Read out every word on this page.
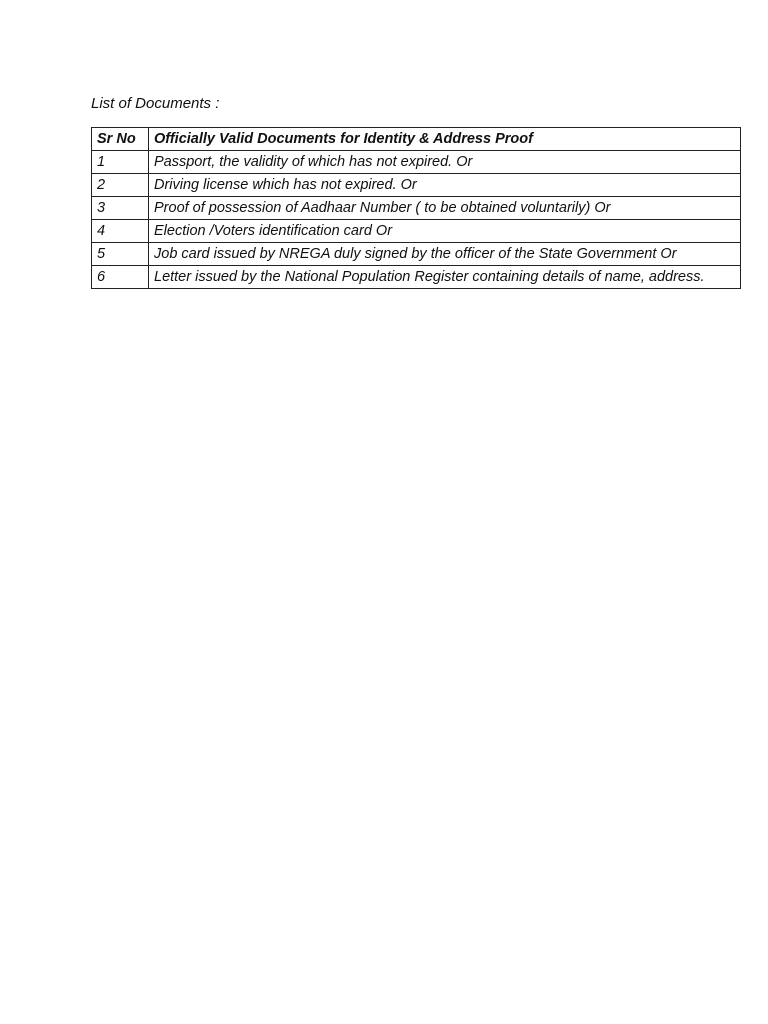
List of Documents :
Sr No	Officially Valid Documents for Identity & Address Proof
1	Passport, the validity of which has not expired. Or
2	Driving license which has not expired. Or
3	Proof of possession of Aadhaar Number ( to be obtained voluntarily) Or
4	Election /Voters identification card Or
5	Job card issued by NREGA duly signed by the officer of the State Government Or
6	Letter issued by the National Population Register containing details of name, address.
